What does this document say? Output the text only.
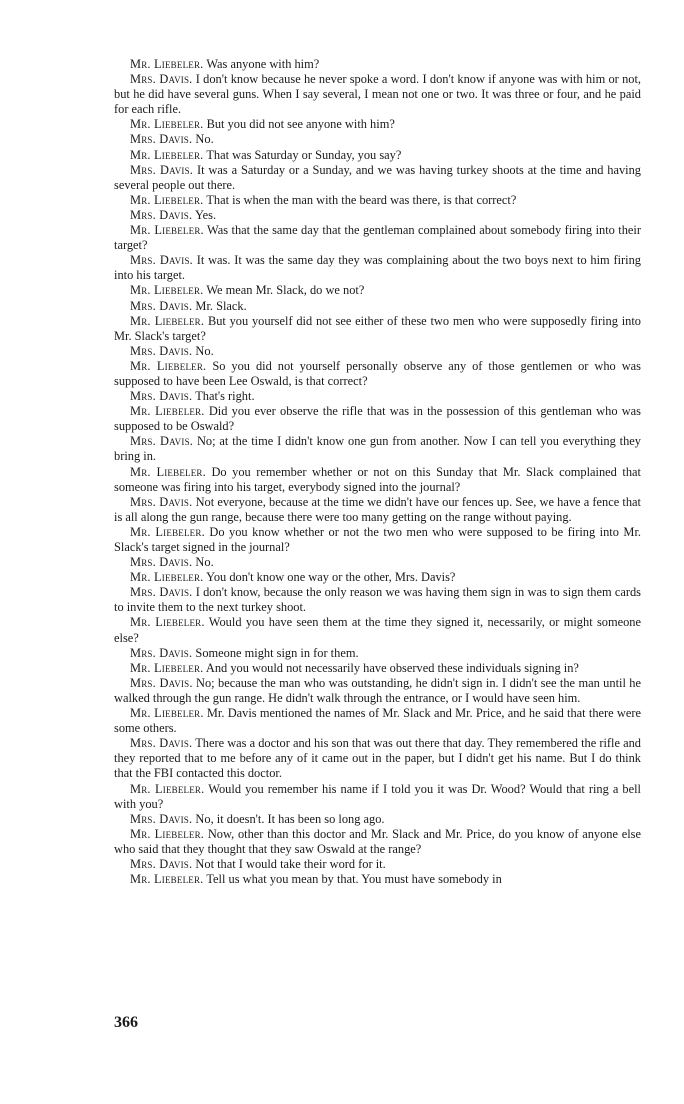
Mr. Liebeler. Was anyone with him?

Mrs. Davis. I don't know because he never spoke a word. I don't know if anyone was with him or not, but he did have several guns. When I say several, I mean not one or two. It was three or four, and he paid for each rifle.

Mr. Liebeler. But you did not see anyone with him?

Mrs. Davis. No.

Mr. Liebeler. That was Saturday or Sunday, you say?

Mrs. Davis. It was a Saturday or a Sunday, and we was having turkey shoots at the time and having several people out there.

Mr. Liebeler. That is when the man with the beard was there, is that correct?

Mrs. Davis. Yes.

Mr. Liebeler. Was that the same day that the gentleman complained about somebody firing into their target?

Mrs. Davis. It was. It was the same day they was complaining about the two boys next to him firing into his target.

Mr. Liebeler. We mean Mr. Slack, do we not?

Mrs. Davis. Mr. Slack.

Mr. Liebeler. But you yourself did not see either of these two men who were supposedly firing into Mr. Slack's target?

Mrs. Davis. No.

Mr. Liebeler. So you did not yourself personally observe any of those gentlemen or who was supposed to have been Lee Oswald, is that correct?

Mrs. Davis. That's right.

Mr. Liebeler. Did you ever observe the rifle that was in the possession of this gentleman who was supposed to be Oswald?

Mrs. Davis. No; at the time I didn't know one gun from another. Now I can tell you everything they bring in.

Mr. Liebeler. Do you remember whether or not on this Sunday that Mr. Slack complained that someone was firing into his target, everybody signed into the journal?

Mrs. Davis. Not everyone, because at the time we didn't have our fences up. See, we have a fence that is all along the gun range, because there were too many getting on the range without paying.

Mr. Liebeler. Do you know whether or not the two men who were supposed to be firing into Mr. Slack's target signed in the journal?

Mrs. Davis. No.

Mr. Liebeler. You don't know one way or the other, Mrs. Davis?

Mrs. Davis. I don't know, because the only reason we was having them sign in was to sign them cards to invite them to the next turkey shoot.

Mr. Liebeler. Would you have seen them at the time they signed it, necessarily, or might someone else?

Mrs. Davis. Someone might sign in for them.

Mr. Liebeler. And you would not necessarily have observed these individuals signing in?

Mrs. Davis. No; because the man who was outstanding, he didn't sign in. I didn't see the man until he walked through the gun range. He didn't walk through the entrance, or I would have seen him.

Mr. Liebeler. Mr. Davis mentioned the names of Mr. Slack and Mr. Price, and he said that there were some others.

Mrs. Davis. There was a doctor and his son that was out there that day. They remembered the rifle and they reported that to me before any of it came out in the paper, but I didn't get his name. But I do think that the FBI contacted this doctor.

Mr. Liebeler. Would you remember his name if I told you it was Dr. Wood? Would that ring a bell with you?

Mrs. Davis. No, it doesn't. It has been so long ago.

Mr. Liebeler. Now, other than this doctor and Mr. Slack and Mr. Price, do you know of anyone else who said that they thought that they saw Oswald at the range?

Mrs. Davis. Not that I would take their word for it.

Mr. Liebeler. Tell us what you mean by that. You must have somebody in

366
